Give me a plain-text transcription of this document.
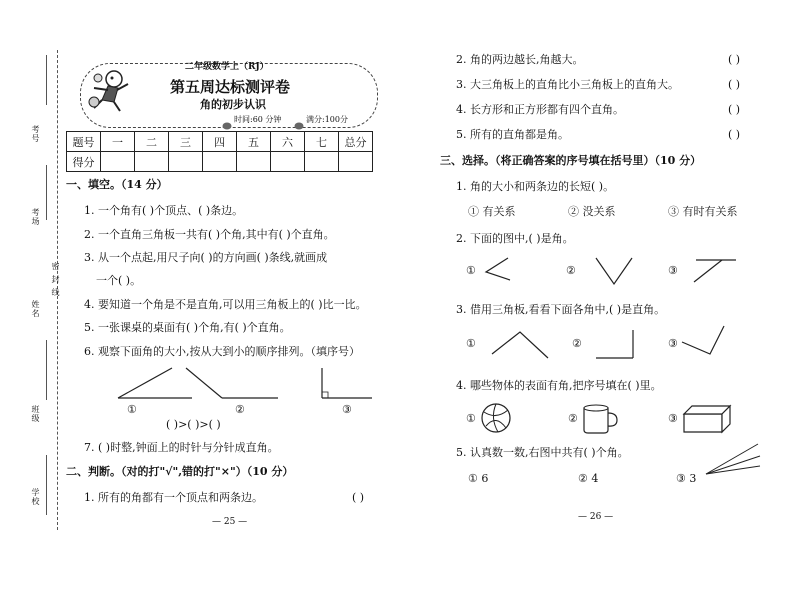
考号
考场
密
封
线
姓名
班级
学校
二年级数学上（RJ）
第五周达标测评卷
角的初步认识
时间:60 分钟	满分:100分
题号	一	二	三	四	五	六	七	总分
得分								
一、填空。（14 分）
1. 一个角有( )个顶点、( )条边。
2. 一个直角三角板一共有( )个角,其中有( )个直角。
3. 从一个点起,用尺子向( )的方向画( )条线,就画成
一个( )。
4. 要知道一个角是不是直角,可以用三角板上的( )比一比。
5. 一张课桌的桌面有( )个角,有( )个直角。
6. 观察下面角的大小,按从大到小的顺序排列。（填序号）
①	②	③
( )>( )>( )
7. ( )时整,钟面上的时针与分针成直角。
二、判断。（对的打"√",错的打"×"）（10 分）
1. 所有的角都有一个顶点和两条边。	( )
— 25 —
2. 角的两边越长,角越大。	( )
3. 大三角板上的直角比小三角板上的直角大。	( )
4. 长方形和正方形都有四个直角。	( )
5. 所有的直角都是角。	( )
三、选择。（将正确答案的序号填在括号里）（10 分）
1. 角的大小和两条边的长短( )。
① 有关系	② 没关系	③ 有时有关系
2. 下面的图中,( )是角。
①	②	③
3. 借用三角板,看看下面各角中,( )是直角。
①	②	③
4. 哪些物体的表面有角,把序号填在( )里。
①	②	③
5. 认真数一数,右图中共有( )个角。
① 6	② 4	③ 3
— 26 —
